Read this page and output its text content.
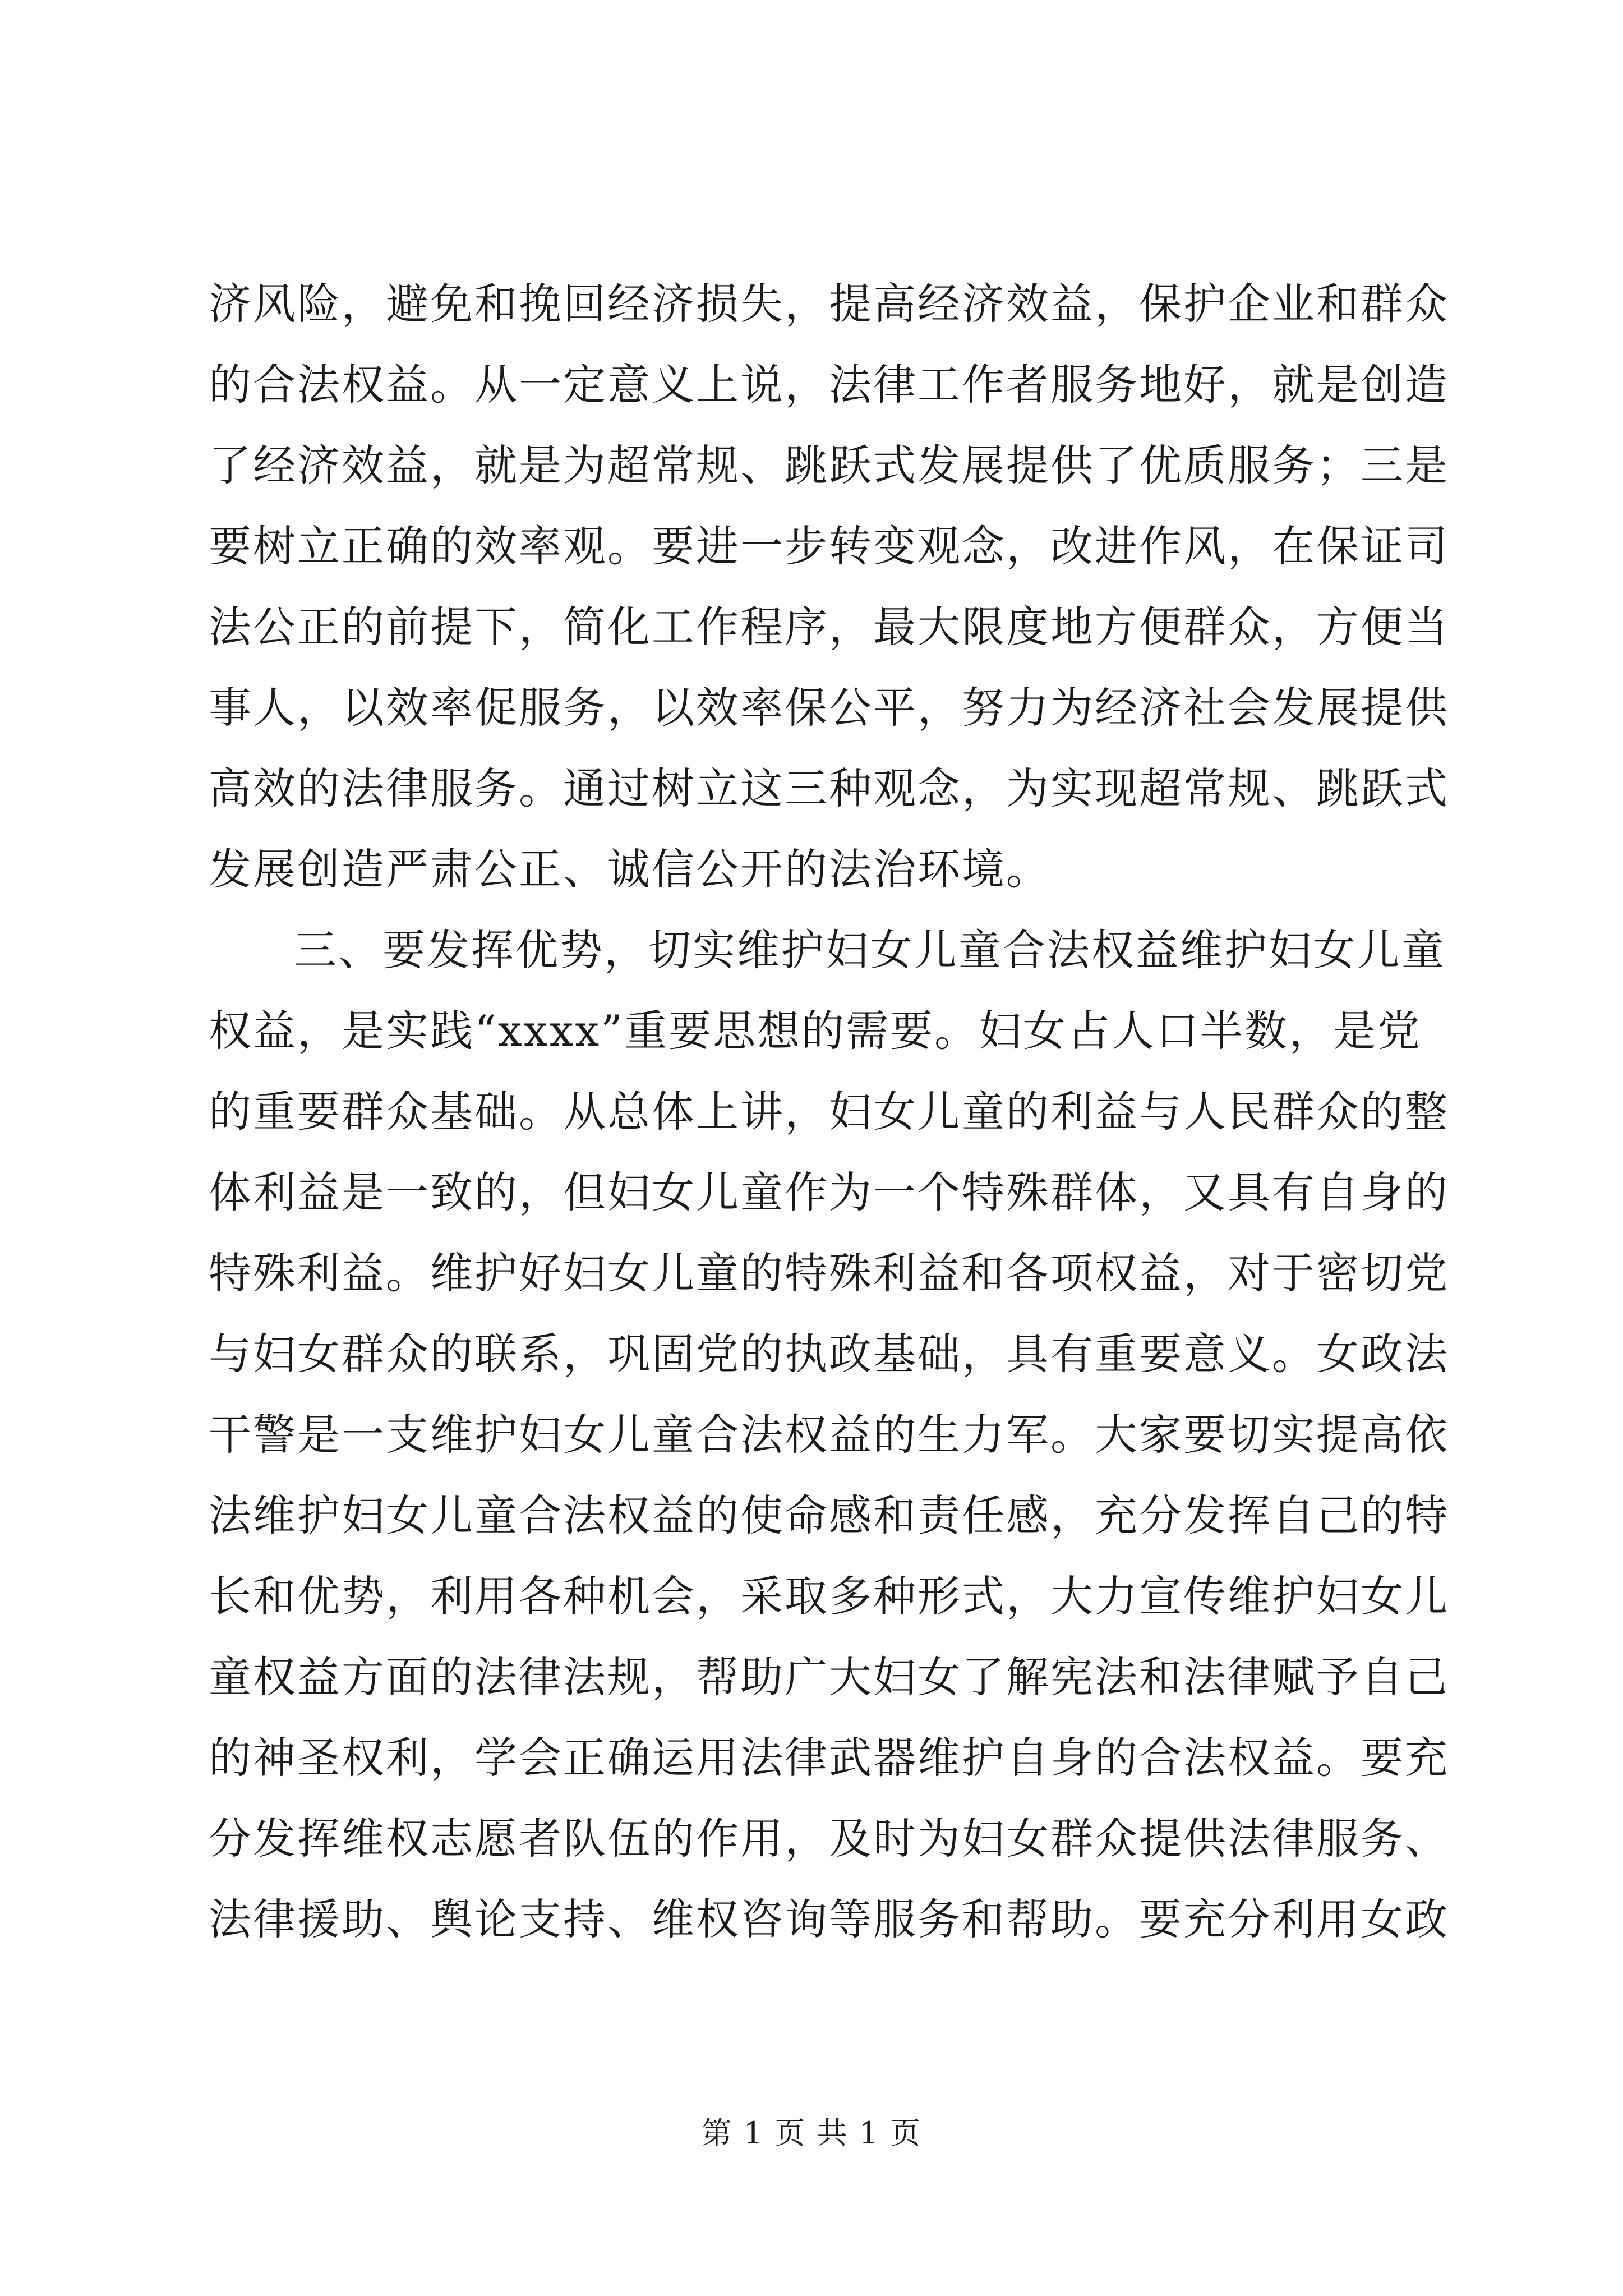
济风险，避免和挽回经济损失，提高经济效益，保护企业和群众
的合法权益。从一定意义上说，法律工作者服务地好，就是创造
了经济效益，就是为超常规、跳跃式发展提供了优质服务；三是
要树立正确的效率观。要进一步转变观念，改进作风，在保证司
法公正的前提下，简化工作程序，最大限度地方便群众，方便当
事人，以效率促服务，以效率保公平，努力为经济社会发展提供
高效的法律服务。通过树立这三种观念，为实现超常规、跳跃式
发展创造严肃公正、诚信公开的法治环境。
三、要发挥优势，切实维护妇女儿童合法权益维护妇女儿童
权益，是实践“xxxx”重要思想的需要。妇女占人口半数，是党
的重要群众基础。从总体上讲，妇女儿童的利益与人民群众的整
体利益是一致的，但妇女儿童作为一个特殊群体，又具有自身的
特殊利益。维护好妇女儿童的特殊利益和各项权益，对于密切党
与妇女群众的联系，巩固党的执政基础，具有重要意义。女政法
干警是一支维护妇女儿童合法权益的生力军。大家要切实提高依
法维护妇女儿童合法权益的使命感和责任感，充分发挥自己的特
长和优势，利用各种机会，采取多种形式，大力宣传维护妇女儿
童权益方面的法律法规，帮助广大妇女了解宪法和法律赋予自己
的神圣权利，学会正确运用法律武器维护自身的合法权益。要充
分发挥维权志愿者队伍的作用，及时为妇女群众提供法律服务、
法律援助、舆论支持、维权咨询等服务和帮助。要充分利用女政
第 1 页 共 1 页
